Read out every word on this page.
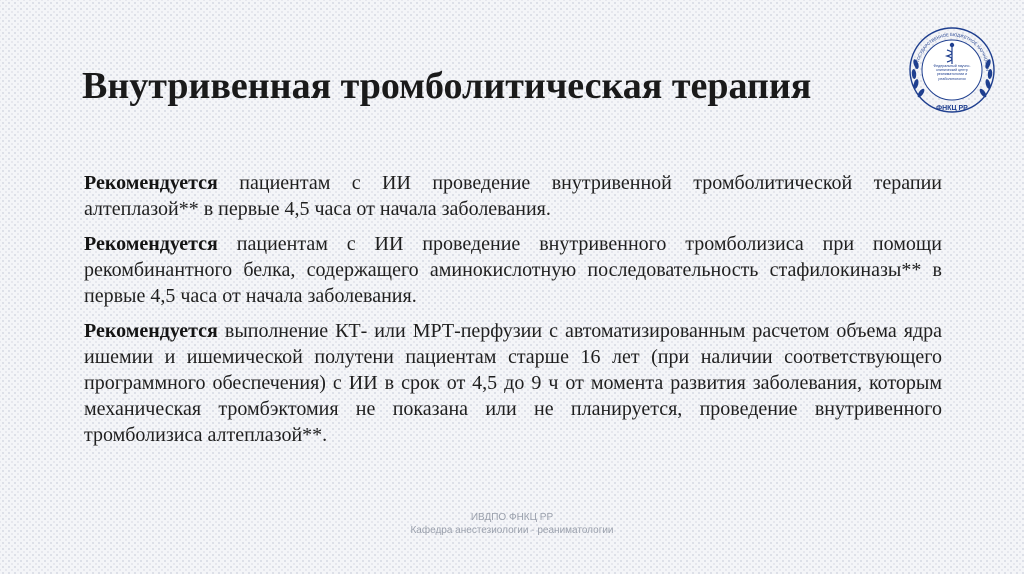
Внутривенная тромболитическая терапия	ОЕ ГОСУДАРСТВЕННОЕ БЮДЖЕТНОЕ НАУЧНОЕ УЧ
Федеральный научно-клинический центр реаниматологии и реабилитологии
ФНКЦ РР

Рекомендуется пациентам с ИИ проведение внутривенной тромболитической терапии алтеплазой** в первые 4,5 часа от начала заболевания.

Рекомендуется пациентам с ИИ проведение внутривенного тромболизиса при помощи рекомбинантного белка, содержащего аминокислотную последовательность стафилокиназы** в первые 4,5 часа от начала заболевания.

Рекомендуется выполнение КТ- или МРТ-перфузии с автоматизированным расчетом объема ядра ишемии и ишемической полутени пациентам старше 16 лет (при наличии соответствующего программного обеспечения) с ИИ в срок от 4,5 до 9 ч от момента развития заболевания, которым механическая тромбэктомия не показана или не планируется, проведение внутривенного тромболизиса алтеплазой**.

ИВДПО ФНКЦ РР
Кафедра анестезиологии - реаниматологии
